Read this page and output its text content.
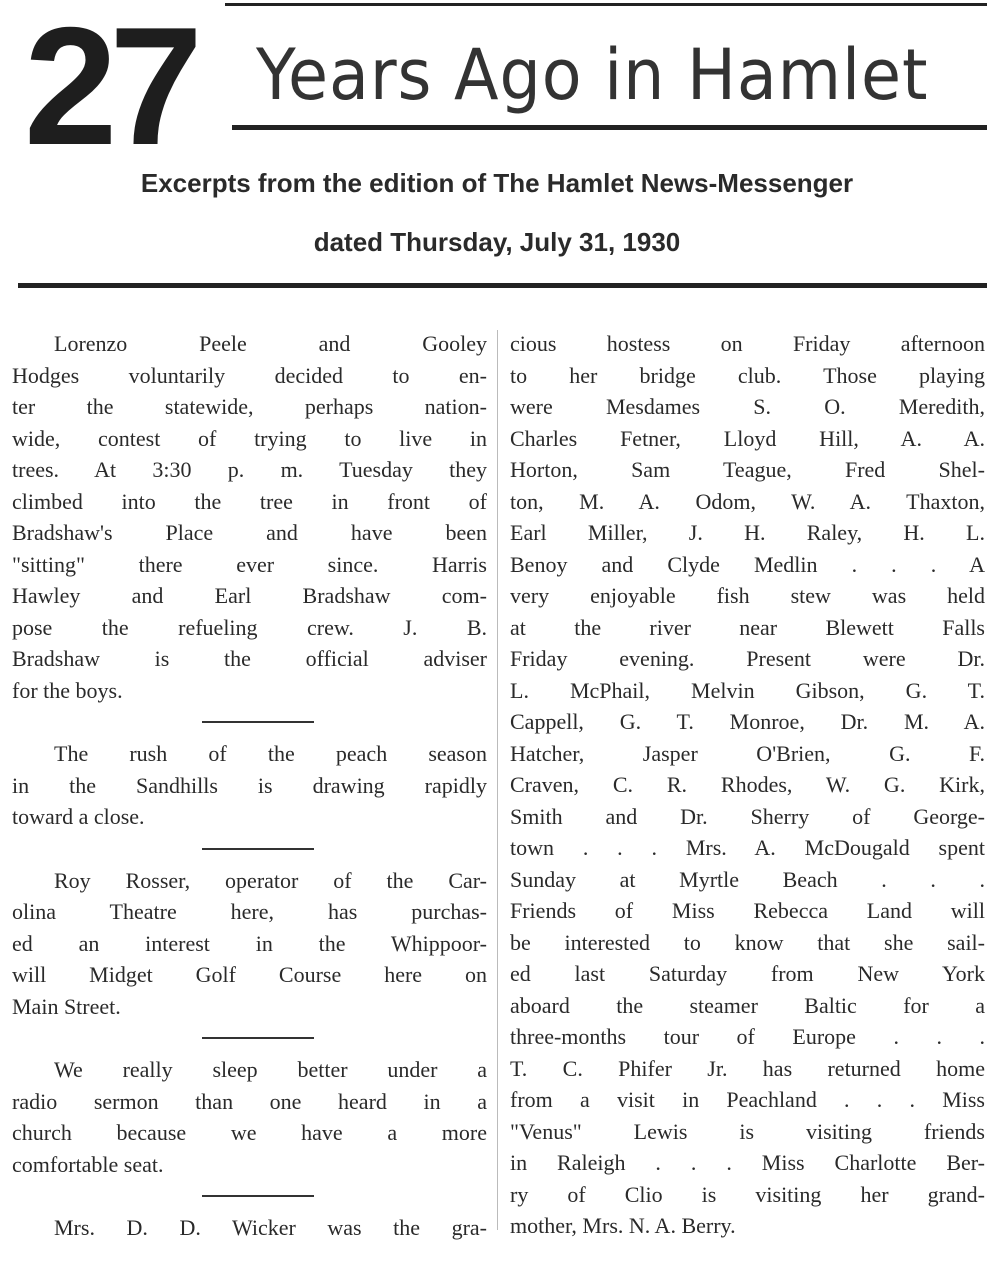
27 Years Ago in Hamlet
Excerpts from the edition of The Hamlet News-Messenger
dated Thursday, July 31, 1930
Lorenzo Peele and Gooley
Hodges voluntarily decided to en-
ter the statewide, perhaps nation-
wide, contest of trying to live in
trees. At 3:30 p. m. Tuesday they
climbed into the tree in front of
Bradshaw's Place and have been
"sitting" there ever since. Harris
Hawley and Earl Bradshaw com-
pose the refueling crew. J. B.
Bradshaw is the official adviser
for the boys.
The rush of the peach season
in the Sandhills is drawing rapidly
toward a close.
Roy Rosser, operator of the Car-
olina Theatre here, has purchas-
ed an interest in the Whippoor-
will Midget Golf Course here on
Main Street.
We really sleep better under a
radio sermon than one heard in a
church because we have a more
comfortable seat.
Mrs. D. D. Wicker was the gra-
cious hostess on Friday afternoon
to her bridge club. Those playing
were Mesdames S. O. Meredith,
Charles Fetner, Lloyd Hill, A. A.
Horton, Sam Teague, Fred Shel-
ton, M. A. Odom, W. A. Thaxton,
Earl Miller, J. H. Raley, H. L.
Benoy and Clyde Medlin . . . A
very enjoyable fish stew was held
at the river near Blewett Falls
Friday evening. Present were Dr.
L. McPhail, Melvin Gibson, G. T.
Cappell, G. T. Monroe, Dr. M. A.
Hatcher, Jasper O'Brien, G. F.
Craven, C. R. Rhodes, W. G. Kirk,
Smith and Dr. Sherry of George-
town . . . Mrs. A. McDougald spent
Sunday at Myrtle Beach . . .
Friends of Miss Rebecca Land will
be interested to know that she sail-
ed last Saturday from New York
aboard the steamer Baltic for a
three-months tour of Europe . . .
T. C. Phifer Jr. has returned home
from a visit in Peachland . . . Miss
"Venus" Lewis is visiting friends
in Raleigh . . . Miss Charlotte Ber-
ry of Clio is visiting her grand-
mother, Mrs. N. A. Berry.
